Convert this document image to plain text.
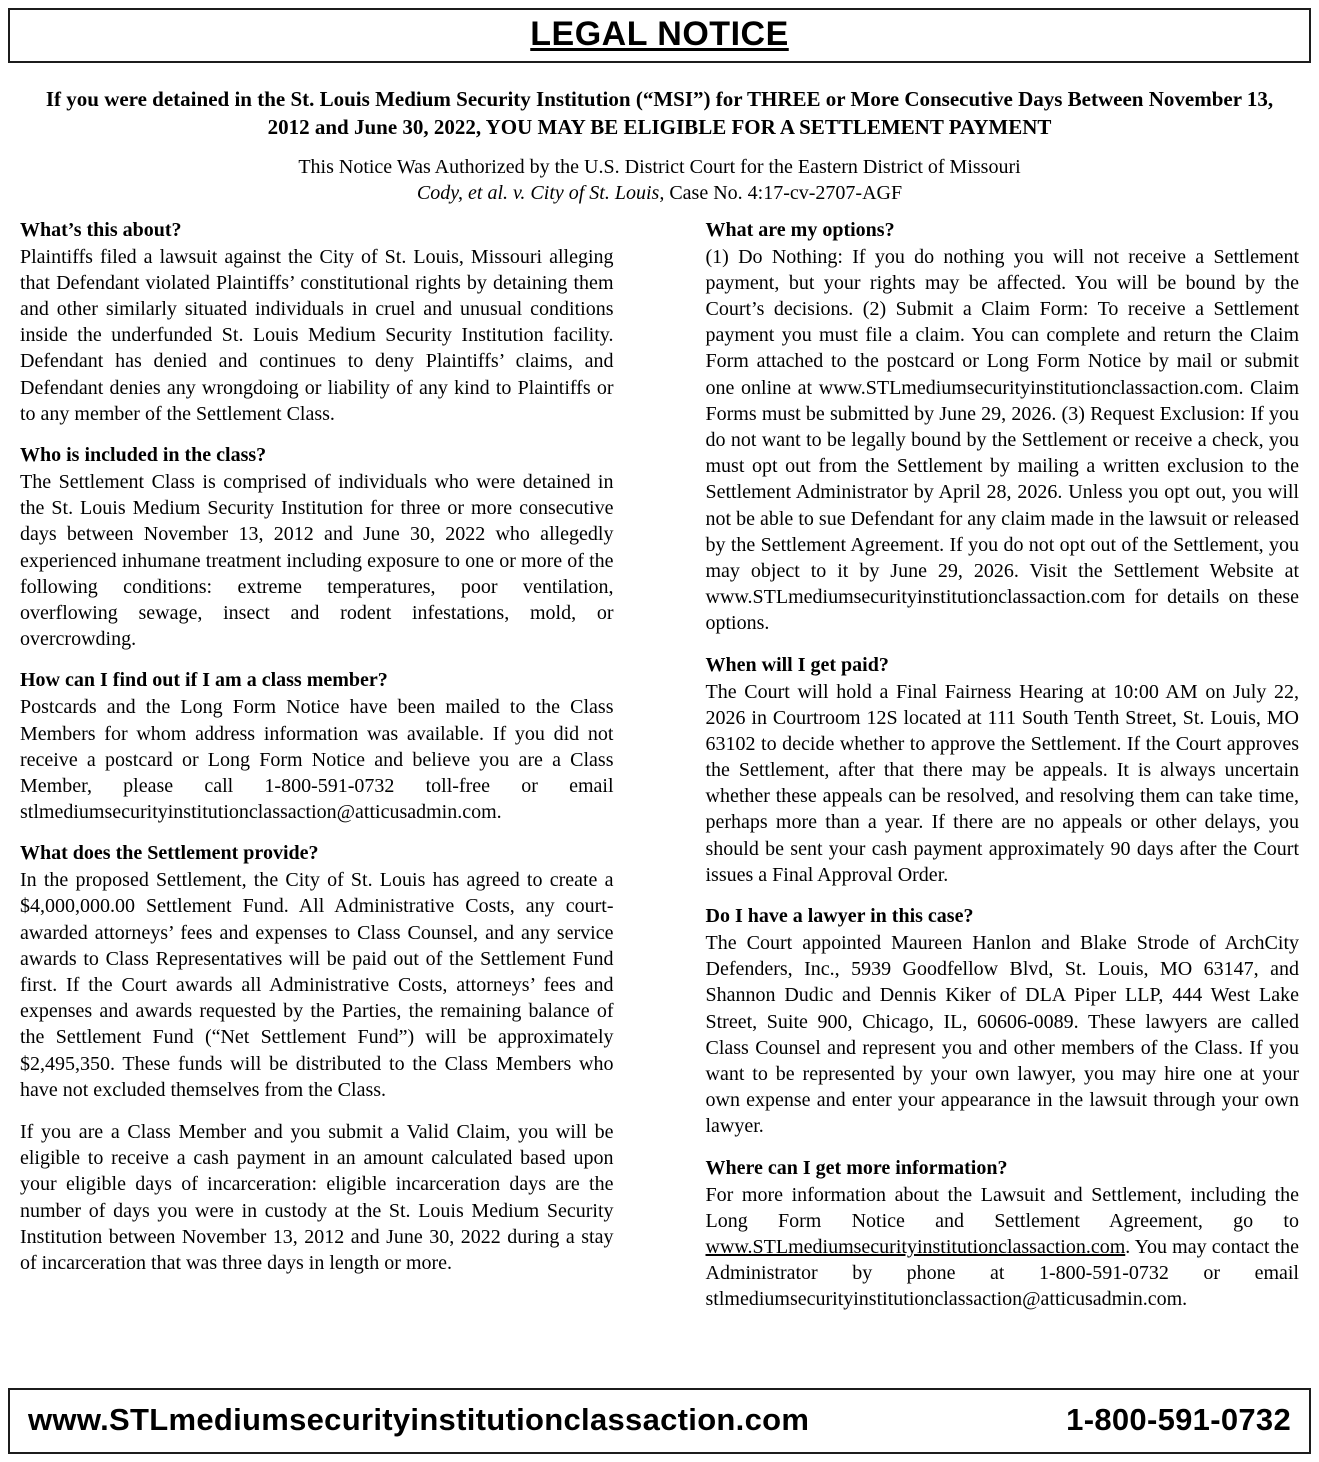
LEGAL NOTICE

If you were detained in the St. Louis Medium Security Institution (“MSI”) for THREE or More Consecutive Days Between November 13, 2012 and June 30, 2022, YOU MAY BE ELIGIBLE FOR A SETTLEMENT PAYMENT

This Notice Was Authorized by the U.S. District Court for the Eastern District of Missouri

Cody, et al. v. City of St. Louis, Case No. 4:17-cv-2707-AGF

What’s this about?

Plaintiffs filed a lawsuit against the City of St. Louis, Missouri alleging that Defendant violated Plaintiffs’ constitutional rights by detaining them and other similarly situated individuals in cruel and unusual conditions inside the underfunded St. Louis Medium Security Institution facility. Defendant has denied and continues to deny Plaintiffs’ claims, and Defendant denies any wrongdoing or liability of any kind to Plaintiffs or to any member of the Settlement Class.

Who is included in the class?

The Settlement Class is comprised of individuals who were detained in the St. Louis Medium Security Institution for three or more consecutive days between November 13, 2012 and June 30, 2022 who allegedly experienced inhumane treatment including exposure to one or more of the following conditions: extreme temperatures, poor ventilation, overflowing sewage, insect and rodent infestations, mold, or overcrowding.

How can I find out if I am a class member?

Postcards and the Long Form Notice have been mailed to the Class Members for whom address information was available. If you did not receive a postcard or Long Form Notice and believe you are a Class Member, please call 1-800-591-0732 toll-free or email stlmediumsecurityinstitutionclassaction@atticusadmin.com.

What does the Settlement provide?

In the proposed Settlement, the City of St. Louis has agreed to create a $4,000,000.00 Settlement Fund. All Administrative Costs, any court-awarded attorneys’ fees and expenses to Class Counsel, and any service awards to Class Representatives will be paid out of the Settlement Fund first. If the Court awards all Administrative Costs, attorneys’ fees and expenses and awards requested by the Parties, the remaining balance of the Settlement Fund (“Net Settlement Fund”) will be approximately $2,495,350. These funds will be distributed to the Class Members who have not excluded themselves from the Class.

If you are a Class Member and you submit a Valid Claim, you will be eligible to receive a cash payment in an amount calculated based upon your eligible days of incarceration: eligible incarceration days are the number of days you were in custody at the St. Louis Medium Security Institution between November 13, 2012 and June 30, 2022 during a stay of incarceration that was three days in length or more.

What are my options?

(1) Do Nothing: If you do nothing you will not receive a Settlement payment, but your rights may be affected. You will be bound by the Court’s decisions. (2) Submit a Claim Form: To receive a Settlement payment you must file a claim. You can complete and return the Claim Form attached to the postcard or Long Form Notice by mail or submit one online at www.STLmediumsecurityinstitutionclassaction.com. Claim Forms must be submitted by June 29, 2026. (3) Request Exclusion: If you do not want to be legally bound by the Settlement or receive a check, you must opt out from the Settlement by mailing a written exclusion to the Settlement Administrator by April 28, 2026. Unless you opt out, you will not be able to sue Defendant for any claim made in the lawsuit or released by the Settlement Agreement. If you do not opt out of the Settlement, you may object to it by June 29, 2026. Visit the Settlement Website at www.STLmediumsecurityinstitutionclassaction.com for details on these options.

When will I get paid?

The Court will hold a Final Fairness Hearing at 10:00 AM on July 22, 2026 in Courtroom 12S located at 111 South Tenth Street, St. Louis, MO 63102 to decide whether to approve the Settlement. If the Court approves the Settlement, after that there may be appeals. It is always uncertain whether these appeals can be resolved, and resolving them can take time, perhaps more than a year. If there are no appeals or other delays, you should be sent your cash payment approximately 90 days after the Court issues a Final Approval Order.

Do I have a lawyer in this case?

The Court appointed Maureen Hanlon and Blake Strode of ArchCity Defenders, Inc., 5939 Goodfellow Blvd, St. Louis, MO 63147, and Shannon Dudic and Dennis Kiker of DLA Piper LLP, 444 West Lake Street, Suite 900, Chicago, IL, 60606-0089. These lawyers are called Class Counsel and represent you and other members of the Class. If you want to be represented by your own lawyer, you may hire one at your own expense and enter your appearance in the lawsuit through your own lawyer.

Where can I get more information?

For more information about the Lawsuit and Settlement, including the Long Form Notice and Settlement Agreement, go to www.STLmediumsecurityinstitutionclassaction.com. You may contact the Administrator by phone at 1-800-591-0732 or email stlmediumsecurityinstitutionclassaction@atticusadmin.com.

www.STLmediumsecurityinstitutionclassaction.com	1-800-591-0732
